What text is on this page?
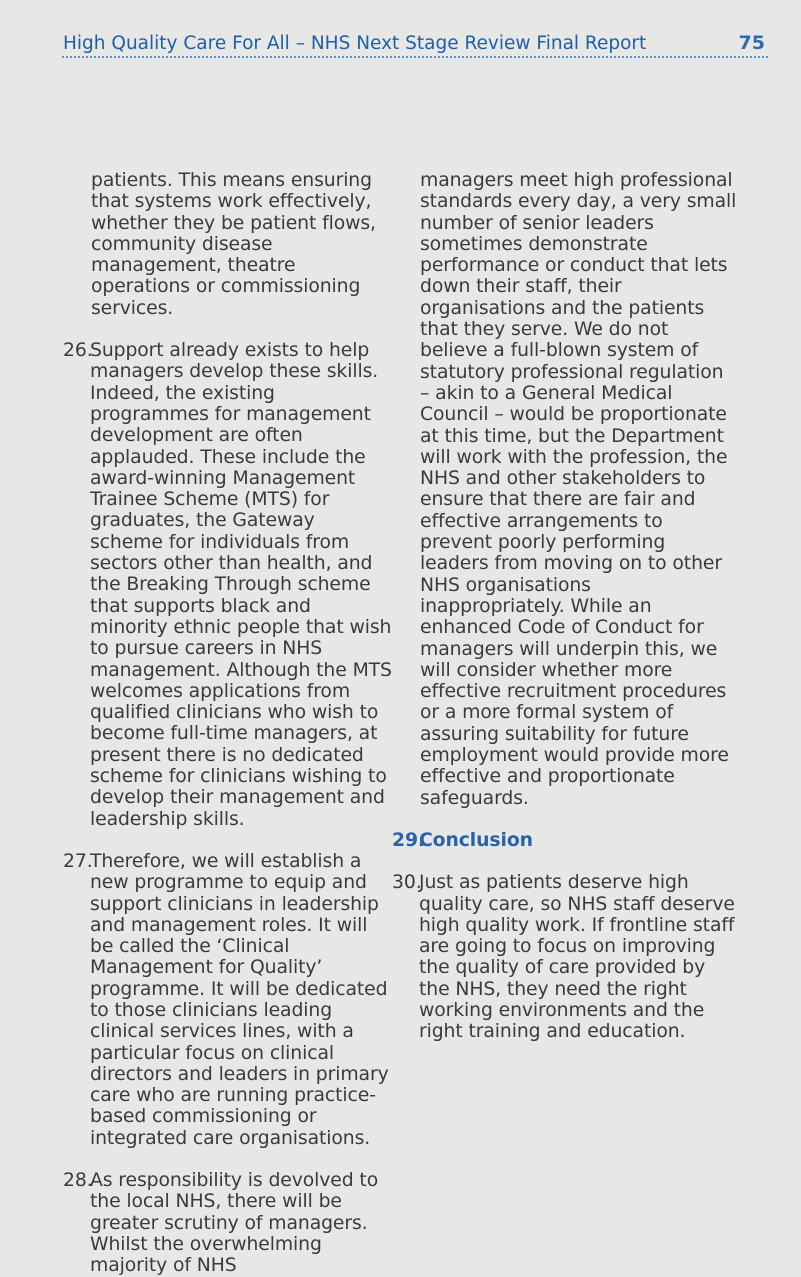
High Quality Care For All – NHS Next Stage Review Final Report	75

patients. This means ensuring that systems work effectively, whether they be patient flows, community disease management, theatre operations or commissioning services.

26.
Support already exists to help managers develop these skills. Indeed, the existing programmes for management development are often applauded. These include the award-winning Management Trainee Scheme (MTS) for graduates, the Gateway scheme for individuals from sectors other than health, and the Breaking Through scheme that supports black and minority ethnic people that wish to pursue careers in NHS management. Although the MTS welcomes applications from qualified clinicians who wish to become full-time managers, at present there is no dedicated scheme for clinicians wishing to develop their management and leadership skills.
27.
Therefore, we will establish a new programme to equip and support clinicians in leadership and management roles. It will be called the ‘Clinical Management for Quality’ programme. It will be dedicated to those clinicians leading clinical services lines, with a particular focus on clinical directors and leaders in primary care who are running practice-based commissioning or integrated care organisations.
28.
As responsibility is devolved to the local NHS, there will be greater scrutiny of managers. Whilst the overwhelming majority of NHS

managers meet high professional standards every day, a very small number of senior leaders sometimes demonstrate performance or conduct that lets down their staff, their organisations and the patients that they serve. We do not believe a full-blown system of statutory professional regulation – akin to a General Medical Council – would be proportionate at this time, but the Department will work with the profession, the NHS and other stakeholders to ensure that there are fair and effective arrangements to prevent poorly performing leaders from moving on to other NHS organisations inappropriately. While an enhanced Code of Conduct for managers will underpin this, we will consider whether more effective recruitment procedures or a more formal system of assuring suitability for future employment would provide more effective and proportionate safeguards.

29.
Conclusion
30.
Just as patients deserve high quality care, so NHS staff deserve high quality work. If frontline staff are going to focus on improving the quality of care provided by the NHS, they need the right working environments and the right training and education.
